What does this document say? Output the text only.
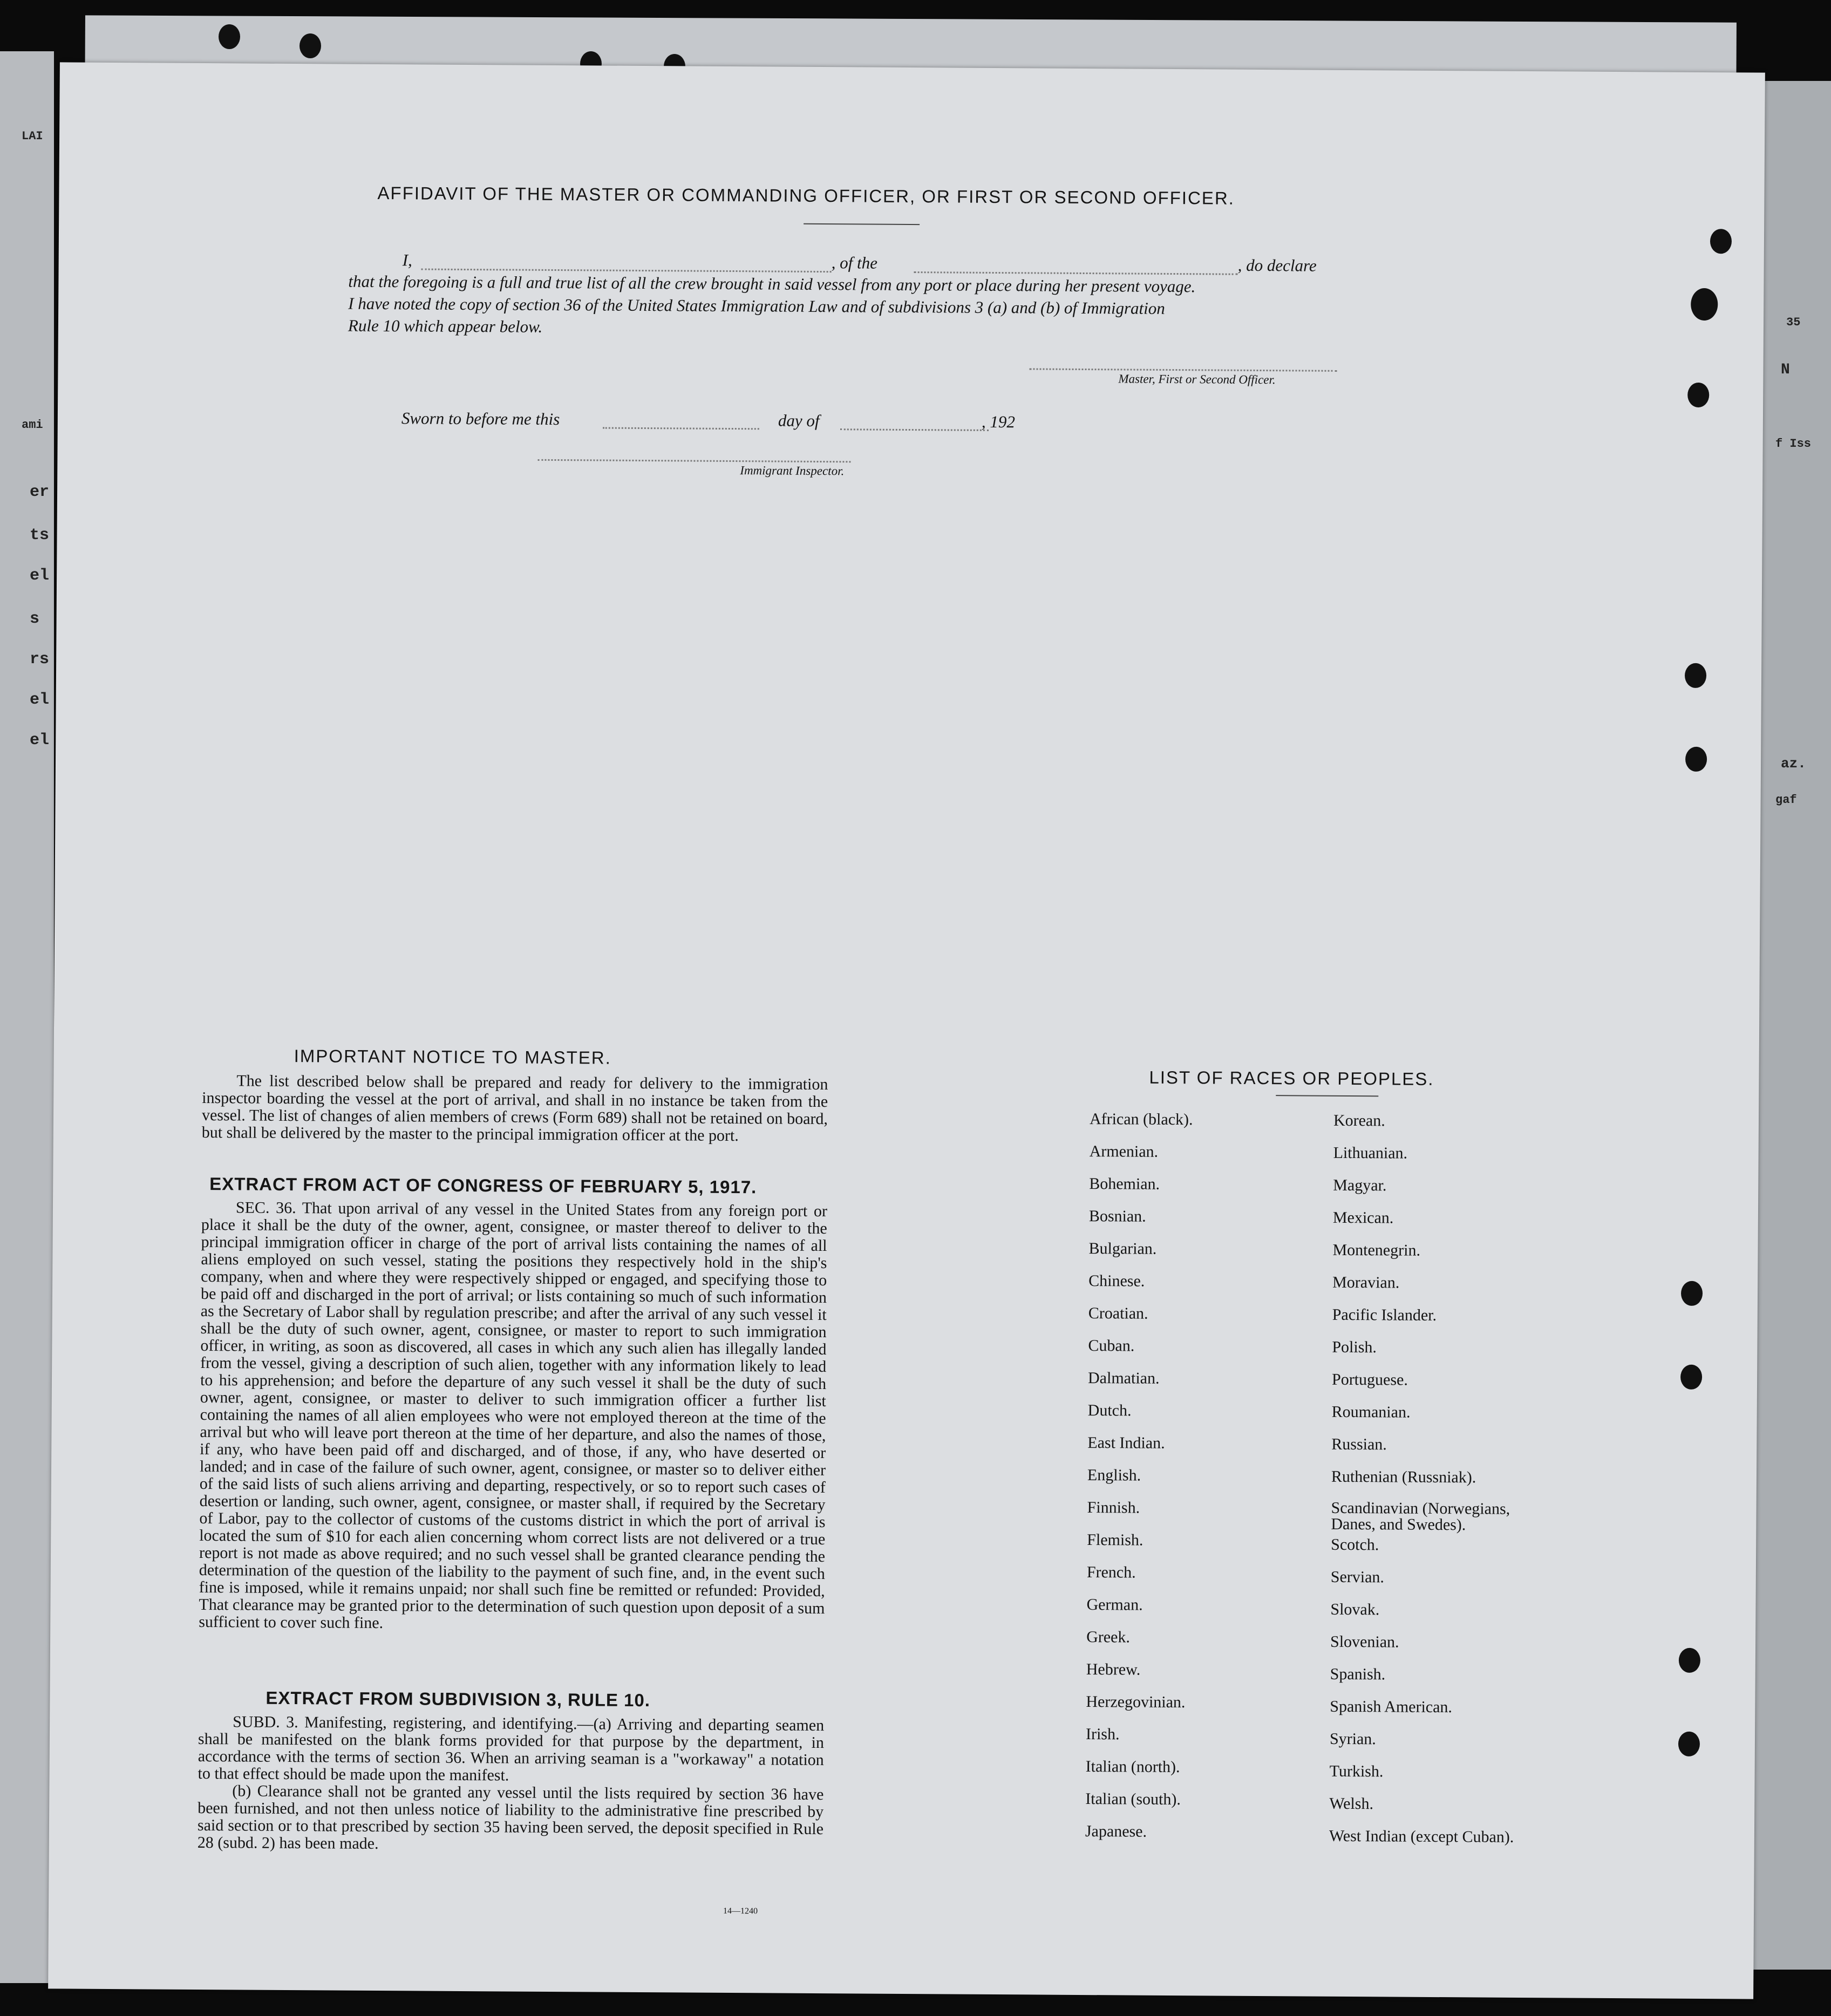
LAI
ami
er
ts
el
s
rs
el
el
35
N
f Iss
az.
gaf
AFFIDAVIT OF THE MASTER OR COMMANDING OFFICER, OR FIRST OR SECOND OFFICER.
I,	, of the	, do declare
that the foregoing is a full and true list of all the crew brought in said vessel from any port or place during her present voyage.
I have noted the copy of section 36 of the United States Immigration Law and of subdivisions 3 (a) and (b) of Immigration
Rule 10 which appear below.
Master, First or Second Officer.
Sworn to before me this	day of	, 192
Immigrant Inspector.
IMPORTANT NOTICE TO MASTER.

The list described below shall be prepared and ready for delivery to the immigration inspector boarding the vessel at the port of arrival, and shall in no instance be taken from the vessel. The list of changes of alien members of crews (Form 689) shall not be retained on board, but shall be delivered by the master to the principal immigration officer at the port.

EXTRACT FROM ACT OF CONGRESS OF FEBRUARY 5, 1917.

SEC. 36. That upon arrival of any vessel in the United States from any foreign port or place it shall be the duty of the owner, agent, consignee, or master thereof to deliver to the principal immigration officer in charge of the port of arrival lists containing the names of all aliens employed on such vessel, stating the positions they respectively hold in the ship's company, when and where they were respectively shipped or engaged, and specifying those to be paid off and discharged in the port of arrival; or lists containing so much of such information as the Secretary of Labor shall by regulation prescribe; and after the arrival of any such vessel it shall be the duty of such owner, agent, consignee, or master to report to such immigration officer, in writing, as soon as discovered, all cases in which any such alien has illegally landed from the vessel, giving a description of such alien, together with any information likely to lead to his apprehension; and before the departure of any such vessel it shall be the duty of such owner, agent, consignee, or master to deliver to such immigration officer a further list containing the names of all alien employees who were not employed thereon at the time of the arrival but who will leave port thereon at the time of her departure, and also the names of those, if any, who have been paid off and discharged, and of those, if any, who have deserted or landed; and in case of the failure of such owner, agent, consignee, or master so to deliver either of the said lists of such aliens arriving and departing, respectively, or so to report such cases of desertion or landing, such owner, agent, consignee, or master shall, if required by the Secretary of Labor, pay to the collector of customs of the customs district in which the port of arrival is located the sum of $10 for each alien concerning whom correct lists are not delivered or a true report is not made as above required; and no such vessel shall be granted clearance pending the determination of the question of the liability to the payment of such fine, and, in the event such fine is imposed, while it remains unpaid; nor shall such fine be remitted or refunded: Provided, That clearance may be granted prior to the determination of such question upon deposit of a sum sufficient to cover such fine.

EXTRACT FROM SUBDIVISION 3, RULE 10.

SUBD. 3. Manifesting, registering, and identifying.—(a) Arriving and departing seamen shall be manifested on the blank forms provided for that purpose by the department, in accordance with the terms of section 36. When an arriving seaman is a "workaway" a notation to that effect should be made upon the manifest.

(b) Clearance shall not be granted any vessel until the lists required by section 36 have been furnished, and not then unless notice of liability to the administrative fine prescribed by said section or to that prescribed by section 35 having been served, the deposit specified in Rule 28 (subd. 2) has been made.

14—1240
LIST OF RACES OR PEOPLES.
African (black).
Armenian.
Bohemian.
Bosnian.
Bulgarian.
Chinese.
Croatian.
Cuban.
Dalmatian.
Dutch.
East Indian.
English.
Finnish.
Flemish.
French.
German.
Greek.
Hebrew.
Herzegovinian.
Irish.
Italian (north).
Italian (south).
Japanese.
Korean.
Lithuanian.
Magyar.
Mexican.
Montenegrin.
Moravian.
Pacific Islander.
Polish.
Portuguese.
Roumanian.
Russian.
Ruthenian (Russniak).
Scandinavian (Norwegians, Danes, and Swedes).
Scotch.
Servian.
Slovak.
Slovenian.
Spanish.
Spanish American.
Syrian.
Turkish.
Welsh.
West Indian (except Cuban).
